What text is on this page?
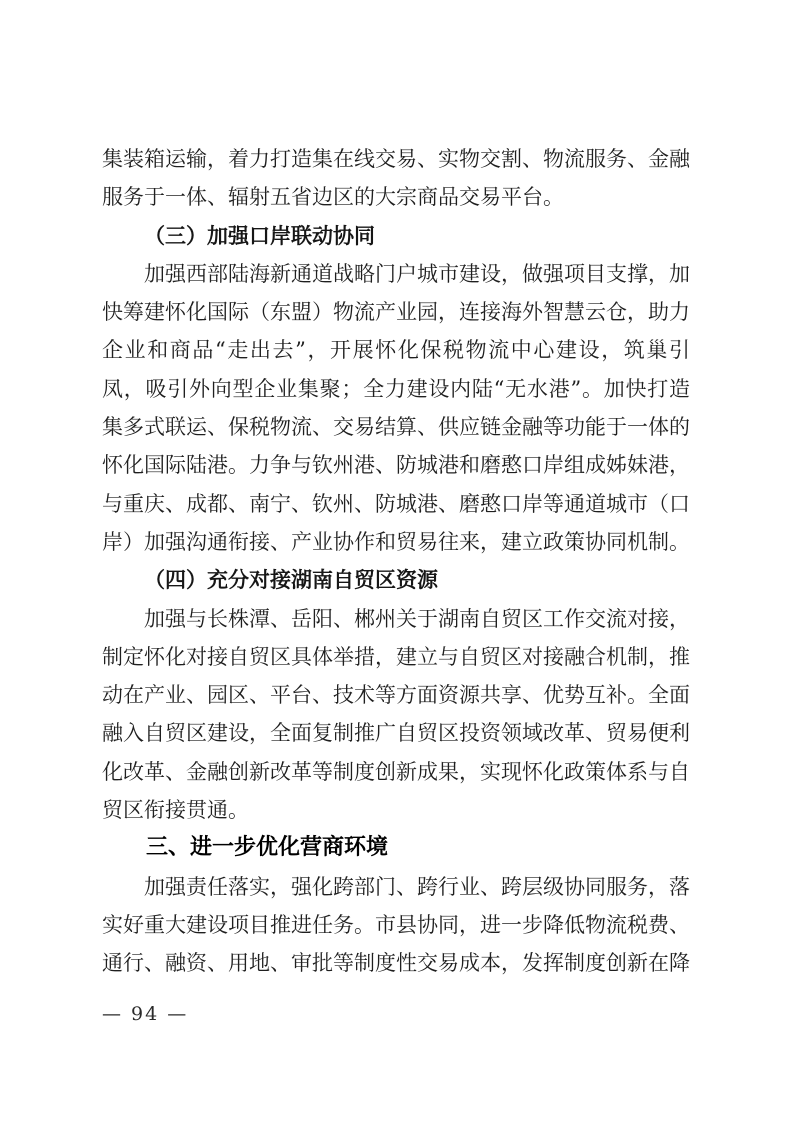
集装箱运输，着力打造集在线交易、实物交割、物流服务、金融服务于一体、辐射五省边区的大宗商品交易平台。

（三）加强口岸联动协同

加强西部陆海新通道战略门户城市建设，做强项目支撑，加快筹建怀化国际（东盟）物流产业园，连接海外智慧云仓，助力企业和商品“走出去”，开展怀化保税物流中心建设，筑巢引凤，吸引外向型企业集聚；全力建设内陆“无水港”。加快打造集多式联运、保税物流、交易结算、供应链金融等功能于一体的怀化国际陆港。力争与钦州港、防城港和磨憨口岸组成姊妹港，与重庆、成都、南宁、钦州、防城港、磨憨口岸等通道城市（口岸）加强沟通衔接、产业协作和贸易往来，建立政策协同机制。

（四）充分对接湖南自贸区资源

加强与长株潭、岳阳、郴州关于湖南自贸区工作交流对接，制定怀化对接自贸区具体举措，建立与自贸区对接融合机制，推动在产业、园区、平台、技术等方面资源共享、优势互补。全面融入自贸区建设，全面复制推广自贸区投资领域改革、贸易便利化改革、金融创新改革等制度创新成果，实现怀化政策体系与自贸区衔接贯通。

三、进一步优化营商环境

加强责任落实，强化跨部门、跨行业、跨层级协同服务，落实好重大建设项目推进任务。市县协同，进一步降低物流税费、通行、融资、用地、审批等制度性交易成本，发挥制度创新在降

— 94 —
